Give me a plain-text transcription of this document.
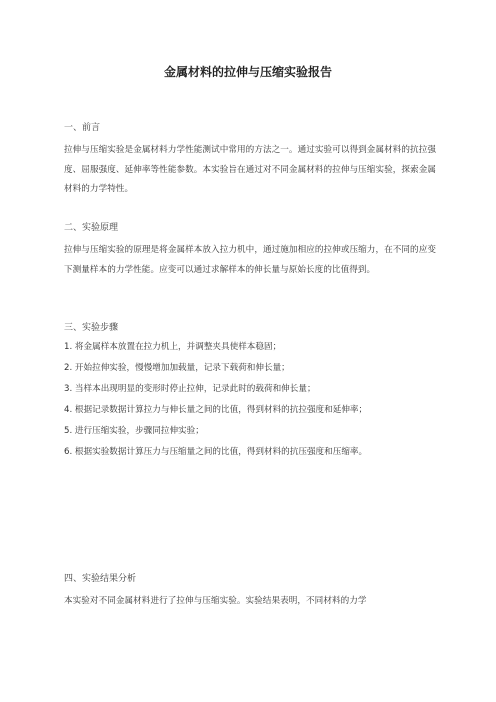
金属材料的拉伸与压缩实验报告
一、前言
拉伸与压缩实验是金属材料力学性能测试中常用的方法之一。通过实验可以得到金属材料的抗拉强度、屈服强度、延伸率等性能参数。本实验旨在通过对不同金属材料的拉伸与压缩实验，探索金属材料的力学特性。
二、实验原理
拉伸与压缩实验的原理是将金属样本放入拉力机中，通过施加相应的拉伸或压缩力，在不同的应变下测量样本的力学性能。应变可以通过求解样本的伸长量与原始长度的比值得到。
三、实验步骤
1. 将金属样本放置在拉力机上，并调整夹具使样本稳固；
2. 开始拉伸实验，慢慢增加加载量，记录下载荷和伸长量；
3. 当样本出现明显的变形时停止拉伸，记录此时的载荷和伸长量；
4. 根据记录数据计算拉力与伸长量之间的比值，得到材料的抗拉强度和延伸率；
5. 进行压缩实验，步骤同拉伸实验；
6. 根据实验数据计算压力与压缩量之间的比值，得到材料的抗压强度和压缩率。
四、实验结果分析
本实验对不同金属材料进行了拉伸与压缩实验。实验结果表明，不同材料的力学
